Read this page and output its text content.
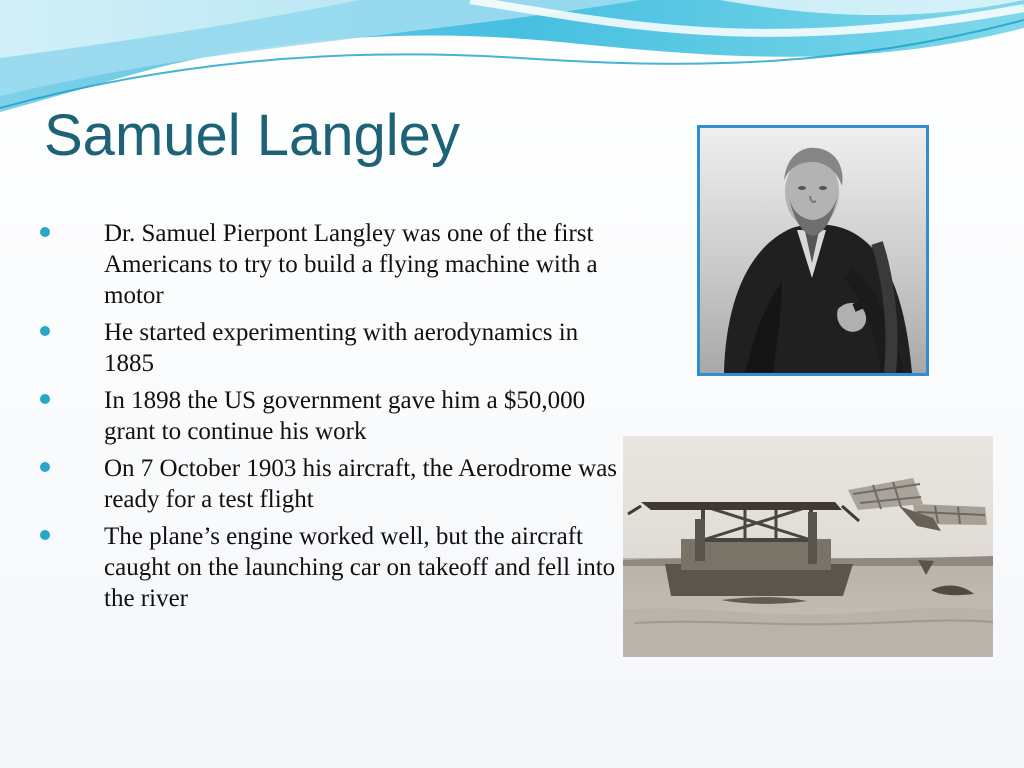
Samuel Langley
Dr. Samuel Pierpont Langley was one of the first Americans to try to build a flying machine with a motor
He started experimenting with aerodynamics in 1885
In 1898 the US government gave him a $50,000 grant to continue his work
On 7 October 1903 his aircraft, the Aerodrome was ready for a test flight
The plane’s engine worked well, but the aircraft caught on the launching car on takeoff and fell into the river
